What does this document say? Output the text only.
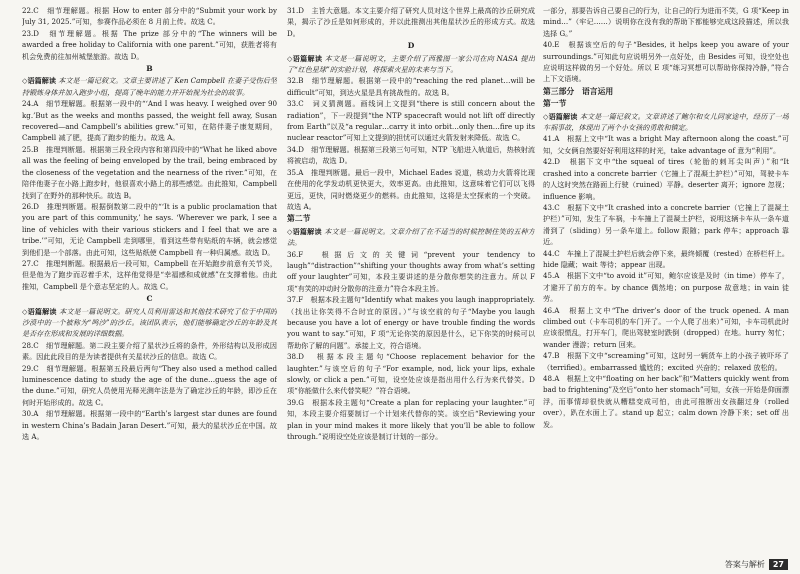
22.C　细节理解题。根据 How to enter 部分中的“Submit your work by July 31, 2025.”可知，参赛作品必须在 8 月前上传。故选 C。

23.D　细节理解题。根据 The prize 部分中的“The winners will be awarded a free holiday to California with one parent.”可知，获胜者将有机会免费前往加州城堡旅游。故选 D。

B

◇语篇解读 本文是一篇记叙文。文章主要讲述了 Ken Campbell 在妻子受伤后坚持锻炼身体并加入跑步小组，提高了晚年的能力并开始视为社会的故事。

24.A　细节理解题。根据第一段中的“‘And I was heavy. I weighed over 90 kg.’But as the weeks and months passed, the weight fell away, Susan recovered—and Campbell’s abilities grew.”可知，在陪伴妻子康复期间，Campbell 减了肥，提高了跑步的能力。故选 A。

25.B　推理判断题。根据第三段全段内容和第四段中的“What he liked above all was the feeling of being enveloped by the trail, being embraced by the closeness of the vegetation and the nearness of the river.”可知，在陪伴他妻子在小路上跑步时，他很喜欢小路上的那些感觉。由此推知，Campbell 找到了在野外的那种快乐。故选 B。

26.D　推理判断题。根据倒数第二段中的“‘It is a public proclamation that you are part of this community,’ he says. ‘Wherever we park, I see a line of vehicles with their various stickers and I feel that we are a tribe.’”可知，无论 Campbell 走到哪里，看到这些带有贴纸的车辆，就会感觉到他们是一个部落。由此可知，这些贴纸使 Campbell 有一种归属感。故选 D。

27.C　推理判断题。根据最后一段可知，Campbell 在开始跑步前意有关节炎，但是他为了跑步而忍着手术，这样他觉得是“幸福感和成就感”在支撑着他。由此推知，Campbell 是个意志坚定的人。故选 C。

C

◇语篇解读 本文是一篇说明文。研究人员利用雷达和其他技术研究了位于中国的沙漠中的一个被称为“鸣沙”的沙丘。该团队表示，他们能够确定沙丘的年龄及其是否存在形成和发展的详细数据。

28.C　细节理解题。第二段主要介绍了星状沙丘将的条件，外形结构以及形成因素。因此此段目的是为读者提供有关星状沙丘的信息。故选 C。

29.C　细节理解题。根据第五段最后两句“They also used a method called luminescence dating to study the age of the dune…guess the age of the dune.”可知，研究人员使用光释光测年法是为了确定沙丘的年龄，即沙丘在何时开始形成的。故选 C。

30.A　细节理解题。根据第一段中的“Earth’s largest star dunes are found in western China’s Badain Jaran Desert.”可知，最大的星状沙丘在中国。故选 A。

31.D　主旨大意题。本文主要介绍了研究人员对这个世界上最高的沙丘研究成果，揭示了沙丘是如何形成的，并以此推测出其他星状沙丘的形成方式。故选 D。

D

◇语篇解读 本文是一篇说明文，主要介绍了西雅图一家公司在向 NASA 提出了“红色星球”的实验计划，将探索火星的未来与当下。

32.B　细节理解题。根据第一段中的“reaching the red planet…will be difficult”可知，到达火星是具有挑战性的。故选 B。

33.C　词义猜测题。画线词上文提到“there is still concern about the radiation”，下一段提到“the NTP spacecraft would not lift off directly from Earth”以及“a regular…carry it into orbit…only then…fire up its nuclear reactor”可知上文提到的担忧可以通过火箭发射来降低。故选 C。

34.D　细节理解题。根据第三段第三句可知，NTP 飞船进入轨道后，热核射流将被启动，故选 D。

35.A　推理判断题。最后一段中，Michael Eades 说道，核动力火箭将比现在使用的化学发动机更快更大，效率更高。由此推知，这意味着它们可以飞得更远，更快，同时燃烧更少的燃料。由此推知，这将是太空探索的一个突破。故选 A。

第二节

◇语篇解读 本文是一篇说明文。文章介绍了在不适当的时候控制住笑的五种方法。

36.F　根据后文的关键词“prevent your tendency to laugh”“distraction”“shifting your thoughts away from what’s setting off your laughter”可知，本段主要讲述的是分散你想笑的注意力。所以 F 项“有笑的冲动时分散你的注意力”符合本段主旨。

37.F　根据本段主题句“Identify what makes you laugh inappropriately.（找出让你笑得不合时宜的原因。）”与该空前的句子“Maybe you laugh because you have a lot of energy or have trouble finding the words you want to say.”可知，F 项“无论你笑的原因是什么，记下你笑的时候可以帮助你了解的问题”。承接上文，符合语境。

38.D　根据本段主题句“Choose replacement behavior for the laughter.”与该空后的句子“For example, nod, lick your lips, exhale slowly, or click a pen.”可知，设空处应该是指出用什么行为来代替笑。D 项“你能做什么来代替笑呢？”符合语境。

39.G　根据本段主题句“Create a plan for replacing your laughter.”可知，本段主要介绍要制订一个计划来代替你的笑。该空后“Reviewing your plan in your mind makes it more likely that you’ll be able to follow through.”说明设空处应该是制订计划的一部分。

一部分，那要告诉自己要自己的行为，让自己的行为进而不笑，G 项“Keep in mind…”（牢记……）说明你在没有我的帮助下都能够完成这段描述，所以我选择 G。”

40.E　根据该空后的句子“Besides, it helps keep you aware of your surroundings.”可知此句应说明另外一点好处，由 Besides 可知，设空处也应说明这样做的另一个好处。所以 E 项“练习冥想可以帮助你保持冷静，”符合上下文语境。

第三部分　语言运用

第一节

◇语篇解读 本文是一篇记叙文。文章讲述了鲍尔和女儿同家途中，经历了一场车祸事故，体现出了两个小女孩的勇敢和镇定。

41.A　根据上文中“It was a bright May afternoon along the coast.”可知，父女俩自然要好好利用这样的时光，take advantage of 意为“利用”。

42.D　根据下文中“the squeal of tires（轮胎的刺耳尖叫声）”和“It crashed into a concrete barrier（它撞上了混凝土护栏）”可知，驾驶卡车的人这时突然在路面上行驶（ruined）平静。deserter 离开；ignore 忽视；influence 影响。

43.C　根据下文中“It crashed into a concrete barrier（它撞上了混凝土护栏）”可知，发生了车祸，卡车撞上了混凝土护栏，说明这辆卡车从一条车道滑到了（sliding）另一条车道上。follow 跟随；park 停车；approach 靠近。

44.C　车撞上了混凝土护栏后就会停下来，最终倾覆（rested）在桥栏杆上。hide 隐藏；wait 等待；appear 出现。

45.A　根据下文中“to avoid it”可知，鲍尔应该是及时（in time）停车了，才避开了前方的车。by chance 偶然地；on purpose 故意地；in vain 徒劳。

46.A　根据上文中“The driver’s door of the truck opened. A man climbed out（卡车司机的车门开了。一个人爬了出来）”可知，卡车司机此时应该很慌乱，打开车门，爬出驾驶室时跌倒（dropped）在地。hurry 匆忙；wander 漫游；return 回来。

47.B　根据下文中“screaming”可知，这时另一辆货车上的小孩子被吓坏了（terrified）。embarrassed 尴尬的；excited 兴奋的；relaxed 放松的。

48.A　根据上文中“floating on her back”和“Matters quickly went from bad to frightening”及空后“onto her stomach”可知，女孩一开始是仰面漂浮，而事情却很快就从糟糕变成可怕，由此可推断出女孩翻过身（rolled over），趴在水面上了。stand up 起立；calm down 冷静下来；set off 出发。

答案与解析	27
